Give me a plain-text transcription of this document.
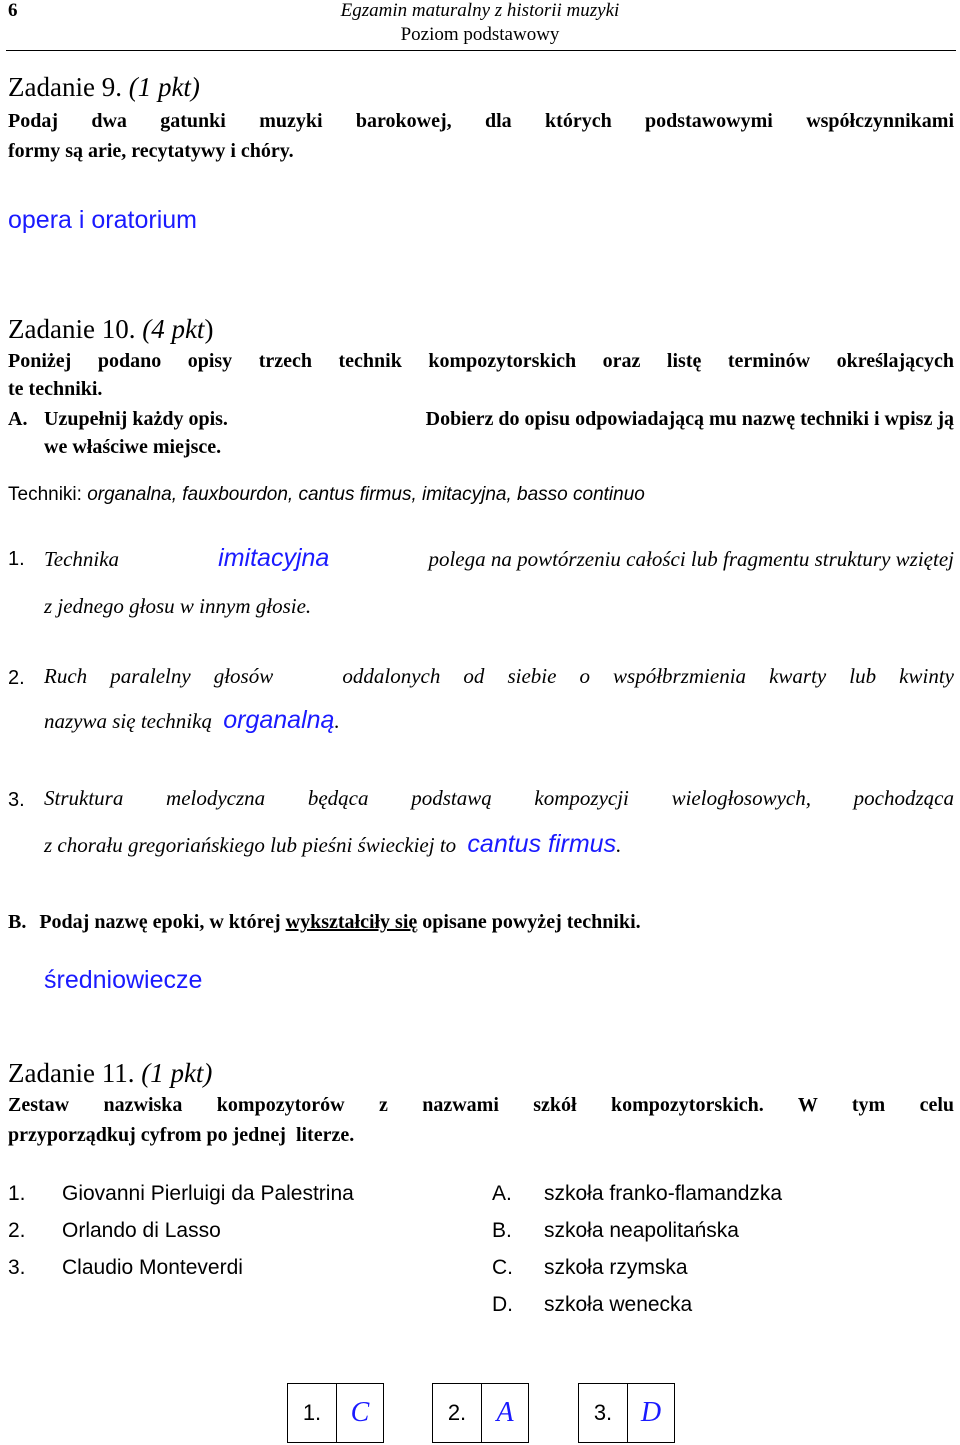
6	Egzamin maturalny z historii muzyki
Poziom podstawowy
Zadanie 9. (1 pkt)
Podaj dwa gatunki muzyki barokowej, dla których podstawowymi współczynnikami
formy są arie, recytatywy i chóry.
opera i oratorium
Zadanie 10. (4 pkt)
Poniżej podano opisy trzech technik kompozytorskich oraz listę terminów określających
te techniki.
A. Uzupełnij każdy opis.	Dobierz do opisu odpowiadającą mu nazwę techniki i wpisz ją
we właściwe miejsce.
Techniki: organalna, fauxbourdon, cantus firmus, imitacyjna, basso continuo
1. Technika	imitacyjna	polega na powtórzeniu całości lub fragmentu struktury wziętej
z jednego głosu w innym głosie.
2. Ruch paralelny głosów   oddalonych od siebie o współbrzmienia kwarty lub kwinty
nazywa się techniką organalną.
3. Struktura melodyczna będąca podstawą kompozycji wielogłosowych, pochodząca
z chorału gregoriańskiego lub pieśni świeckiej to cantus firmus.
B. Podaj nazwę epoki, w której wykształciły się opisane powyżej techniki.
średniowiecze
Zadanie 11. (1 pkt)
Zestaw nazwiska kompozytorów z nazwami szkół kompozytorskich. W tym celu
przyporządkuj cyfrom po jednej  literze.
1. Giovanni Pierluigi da Palestrina
2. Orlando di Lasso
3. Claudio Monteverdi
A. szkoła franko-flamandzka
B. szkoła neapolitańska
C. szkoła rzymska
D. szkoła wenecka
1. C	2. A	3. D
